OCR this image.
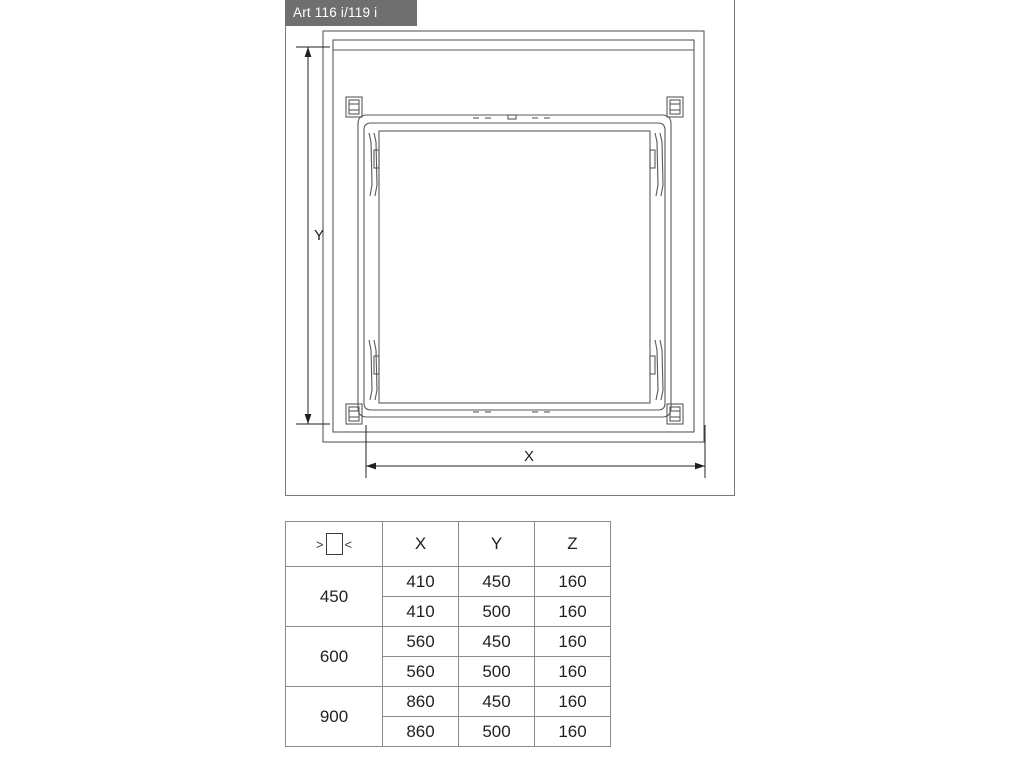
Y
X
Art 116 i/119 i
> <	X	Y	Z
450	410	450	160
	410	500	160
600	560	450	160
	560	500	160
900	860	450	160
	860	500	160
